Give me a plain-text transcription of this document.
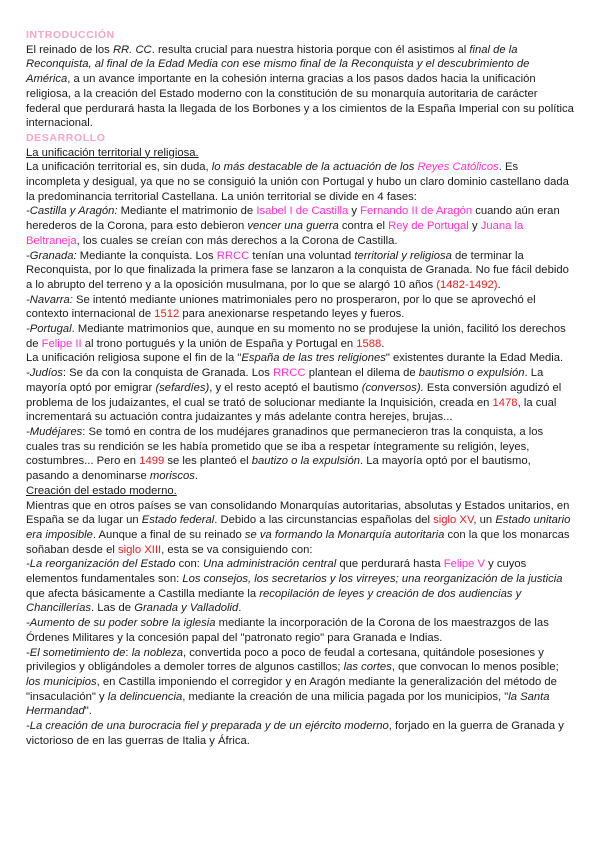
INTRODUCCIÓN

El reinado de los RR. CC. resulta crucial para nuestra historia porque con él asistimos al final de la Reconquista, al final de la Edad Media con ese mismo final de la Reconquista y el descubrimiento de América, a un avance importante en la cohesión interna gracias a los pasos dados hacia la unificación religiosa, a la creación del Estado moderno con la constitución de su monarquía autoritaria de carácter federal que perdurará hasta la llegada de los Borbones y a los cimientos de la España Imperial con su política internacional.

DESARROLLO

La unificación territorial y religiosa.

La unificación territorial es, sin duda, lo más destacable de la actuación de los Reyes Católicos. Es incompleta y desigual, ya que no se consiguió la unión con Portugal y hubo un claro dominio castellano dada la predominancia territorial Castellana. La unión territorial se divide en 4 fases:

-Castilla y Aragón: Mediante el matrimonio de Isabel I de Castilla y Fernando II de Aragón cuando aún eran herederos de la Corona, para esto debieron vencer una guerra contra el Rey de Portugal y Juana la Beltraneja, los cuales se creían con más derechos a la Corona de Castilla.

-Granada: Mediante la conquista. Los RRCC tenían una voluntad territorial y religiosa de terminar la Reconquista, por lo que finalizada la primera fase se lanzaron a la conquista de Granada. No fue fácil debido a lo abrupto del terreno y a la oposición musulmana, por lo que se alargó 10 años (1482-1492).

-Navarra: Se intentó mediante uniones matrimoniales pero no prosperaron, por lo que se aprovechó el contexto internacional de 1512 para anexionarse respetando leyes y fueros.

-Portugal. Mediante matrimonios que, aunque en su momento no se produjese la unión, facilitó los derechos de Felipe II al trono portugués y la unión de España y Portugal en 1588.

La unificación religiosa supone el fin de la "España de las tres religiones" existentes durante la Edad Media.

-Judíos: Se da con la conquista de Granada. Los RRCC plantean el dilema de bautismo o expulsión. La mayoría optó por emigrar (sefardíes), y el resto aceptó el bautismo (conversos). Esta conversión agudizó el problema de los judaizantes, el cual se trató de solucionar mediante la Inquisición, creada en 1478, la cual incrementará su actuación contra judaizantes y más adelante contra herejes, brujas...

-Mudéjares: Se tomó en contra de los mudéjares granadinos que permanecieron tras la conquista, a los cuales tras su rendición se les había prometido que se iba a respetar íntegramente su religión, leyes, costumbres... Pero en 1499 se les planteó el bautizo o la expulsión. La mayoría optó por el bautismo, pasando a denominarse moriscos.

Creación del estado moderno.

Mientras que en otros países se van consolidando Monarquías autoritarias, absolutas y Estados unitarios, en España se da lugar un Estado federal. Debido a las circunstancias españolas del siglo XV, un Estado unitario era imposible. Aunque a final de su reinado se va formando la Monarquía autoritaria con la que los monarcas soñaban desde el siglo XIII, esta se va consiguiendo con:

-La reorganización del Estado con: Una administración central que perdurará hasta Felipe V y cuyos elementos fundamentales son: Los consejos, los secretarios y los virreyes; una reorganización de la justicia que afecta básicamente a Castilla mediante la recopilación de leyes y creación de dos audiencias y Chancillerías. Las de Granada y Valladolid.

-Aumento de su poder sobre la iglesia mediante la incorporación de la Corona de los maestrazgos de las Órdenes Militares y la concesión papal del "patronato regio" para Granada e Indias.

-El sometimiento de: la nobleza, convertida poco a poco de feudal a cortesana, quitándole posesiones y privilegios y obligándoles a demoler torres de algunos castillos; las cortes, que convocan lo menos posible; los municipios, en Castilla imponiendo el corregidor y en Aragón mediante la generalización del método de "insaculación" y la delincuencia, mediante la creación de una milicia pagada por los municipios, "la Santa Hermandad".

-La creación de una burocracia fiel y preparada y de un ejército moderno, forjado en la guerra de Granada y victorioso de en las guerras de Italia y África.
